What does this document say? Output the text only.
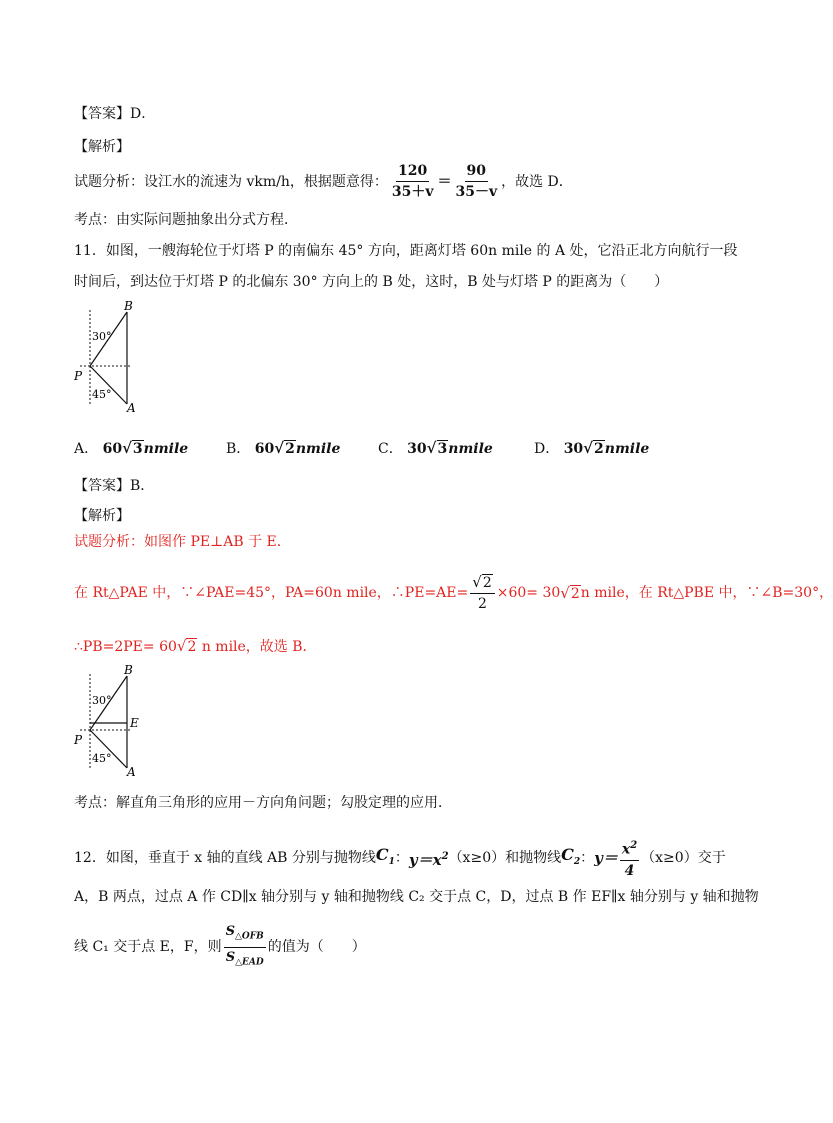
【答案】D．
【解析】
试题分析：设江水的流速为 vkm/h，根据题意得： $\frac{120}{35+v} = \frac{90}{35-v}$ ，故选 D．
考点：由实际问题抽象出分式方程．
11．如图，一艘海轮位于灯塔 P 的南偏东 45° 方向，距离灯塔 60n mile 的 A 处，它沿正北方向航行一段
时间后，到达位于灯塔 P 的北偏东 30° 方向上的 B 处，这时，B 处与灯塔 P 的距离为（　　）
B
P
A
30°
45°
A． 60√3nmile	B． 60√2nmile	C． 30√3nmile	D． 30√2nmile
【答案】B．
【解析】
试题分析：如图作 PE⊥AB 于 E．
在 Rt△PAE 中，∵∠PAE=45°，PA=60n mile，∴PE=AE= $\frac{√2}{2} \times 60= 30$ √ 2 n mile，在 Rt△PBE 中，∵∠B=30°，
∴PB=2PE= 60√2 n mile，故选 B．
B
P
A
E
30°
45°
考点：解直角三角形的应用－方向角问题；勾股定理的应用．
12．如图，垂直于 x 轴的直线 AB 分别与抛物线 $C_1$ ： $y=x^2$ （x≥0）和抛物线 $C_2$ ： $y= \frac{x^2}{4} (x\ge 0)$交于
A，B 两点，过点 A 作 CD∥x 轴分别与 y 轴和抛物线 C₂ 交于点 C，D，过点 B 作 EF∥x 轴分别与 y 轴和抛物
线 C₁ 交于点 E，F，则 $\frac{S_{\triangle OFB}}{S_{\triangle EAD}}$ 的值为（　　）
